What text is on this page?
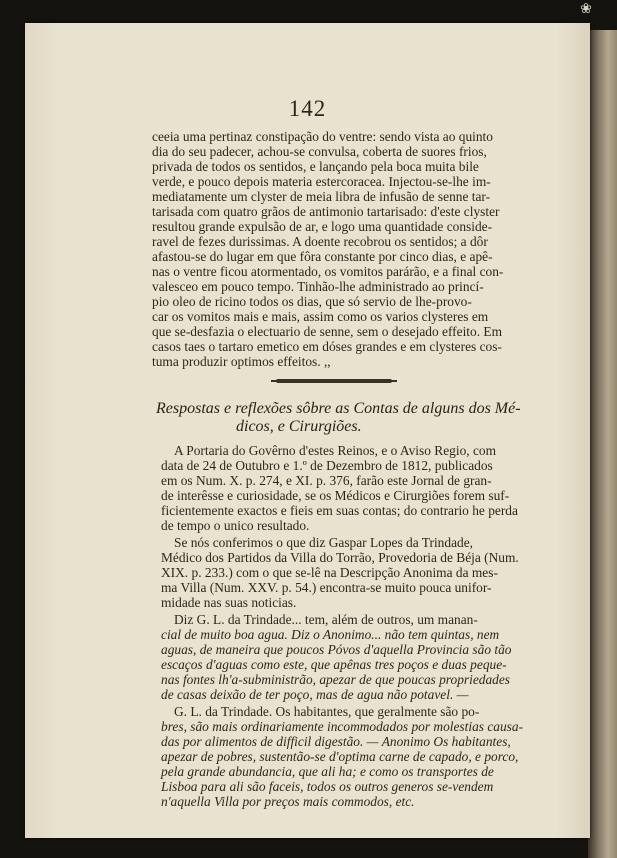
❀
142
ceeia uma pertinaz constipação do ventre: sendo vista ao quinto
dia do seu padecer, achou-se convulsa, coberta de suores frios,
privada de todos os sentidos, e lançando pela boca muita bile
verde, e pouco depois materia estercoracea. Injectou-se-lhe im-
mediatamente um clyster de meia libra de infusão de senne tar-
tarisada com quatro grãos de antimonio tartarisado: d'este clyster
resultou grande expulsão de ar, e logo uma quantidade conside-
ravel de fezes durissimas. A doente recobrou os sentidos; a dôr
afastou-se do lugar em que fôra constante por cinco dias, e apê-
nas o ventre ficou atormentado, os vomitos parárão, e a final con-
valesceo em pouco tempo. Tinhão-lhe administrado ao princí-
pio oleo de ricino todos os dias, que só servio de lhe-provo-
car os vomitos mais e mais, assim como os varios clysteres em
que se-desfazia o electuario de senne, sem o desejado effeito. Em
casos taes o tartaro emetico em dóses grandes e em clysteres cos-
tuma produzir optimos effeitos. ,,
Respostas e reflexões sôbre as Contas de alguns dos Mé-
dicos, e Cirurgiões.
A Portaria do Govêrno d'estes Reinos, e o Aviso Regio, com
data de 24 de Outubro e 1.º de Dezembro de 1812, publicados
em os Num. X. p. 274, e XI. p. 376, farão este Jornal de gran-
de interêsse e curiosidade, se os Médicos e Cirurgiões forem suf-
ficientemente exactos e fieis em suas contas; do contrario he perda
de tempo o unico resultado.
Se nós conferimos o que diz Gaspar Lopes da Trindade,
Médico dos Partidos da Villa do Torrão, Provedoria de Béja (Num.
XIX. p. 233.) com o que se-lê na Descripção Anonima da mes-
ma Villa (Num. XXV. p. 54.) encontra-se muito pouca unifor-
midade nas suas noticias.
Diz G. L. da Trindade... tem, além de outros, um manan-
cial de muito boa agua. Diz o Anonimo... não tem quintas, nem
aguas, de maneira que poucos Póvos d'aquella Provincia são tão
escaços d'aguas como este, que apênas tres poços e duas peque-
nas fontes lh'a-subministrão, apezar de que poucas propriedades
de casas deixão de ter poço, mas de agua não potavel. —
G. L. da Trindade. Os habitantes, que geralmente são po-
bres, são mais ordinariamente incommodados por molestias causa-
das por alimentos de difficil digestão. — Anonimo Os habitantes,
apezar de pobres, sustentão-se d'optima carne de capado, e porco,
pela grande abundancia, que ali ha; e como os transportes de
Lisboa para ali são faceis, todos os outros generos se-vendem
n'aquella Villa por preços mais commodos, etc.
